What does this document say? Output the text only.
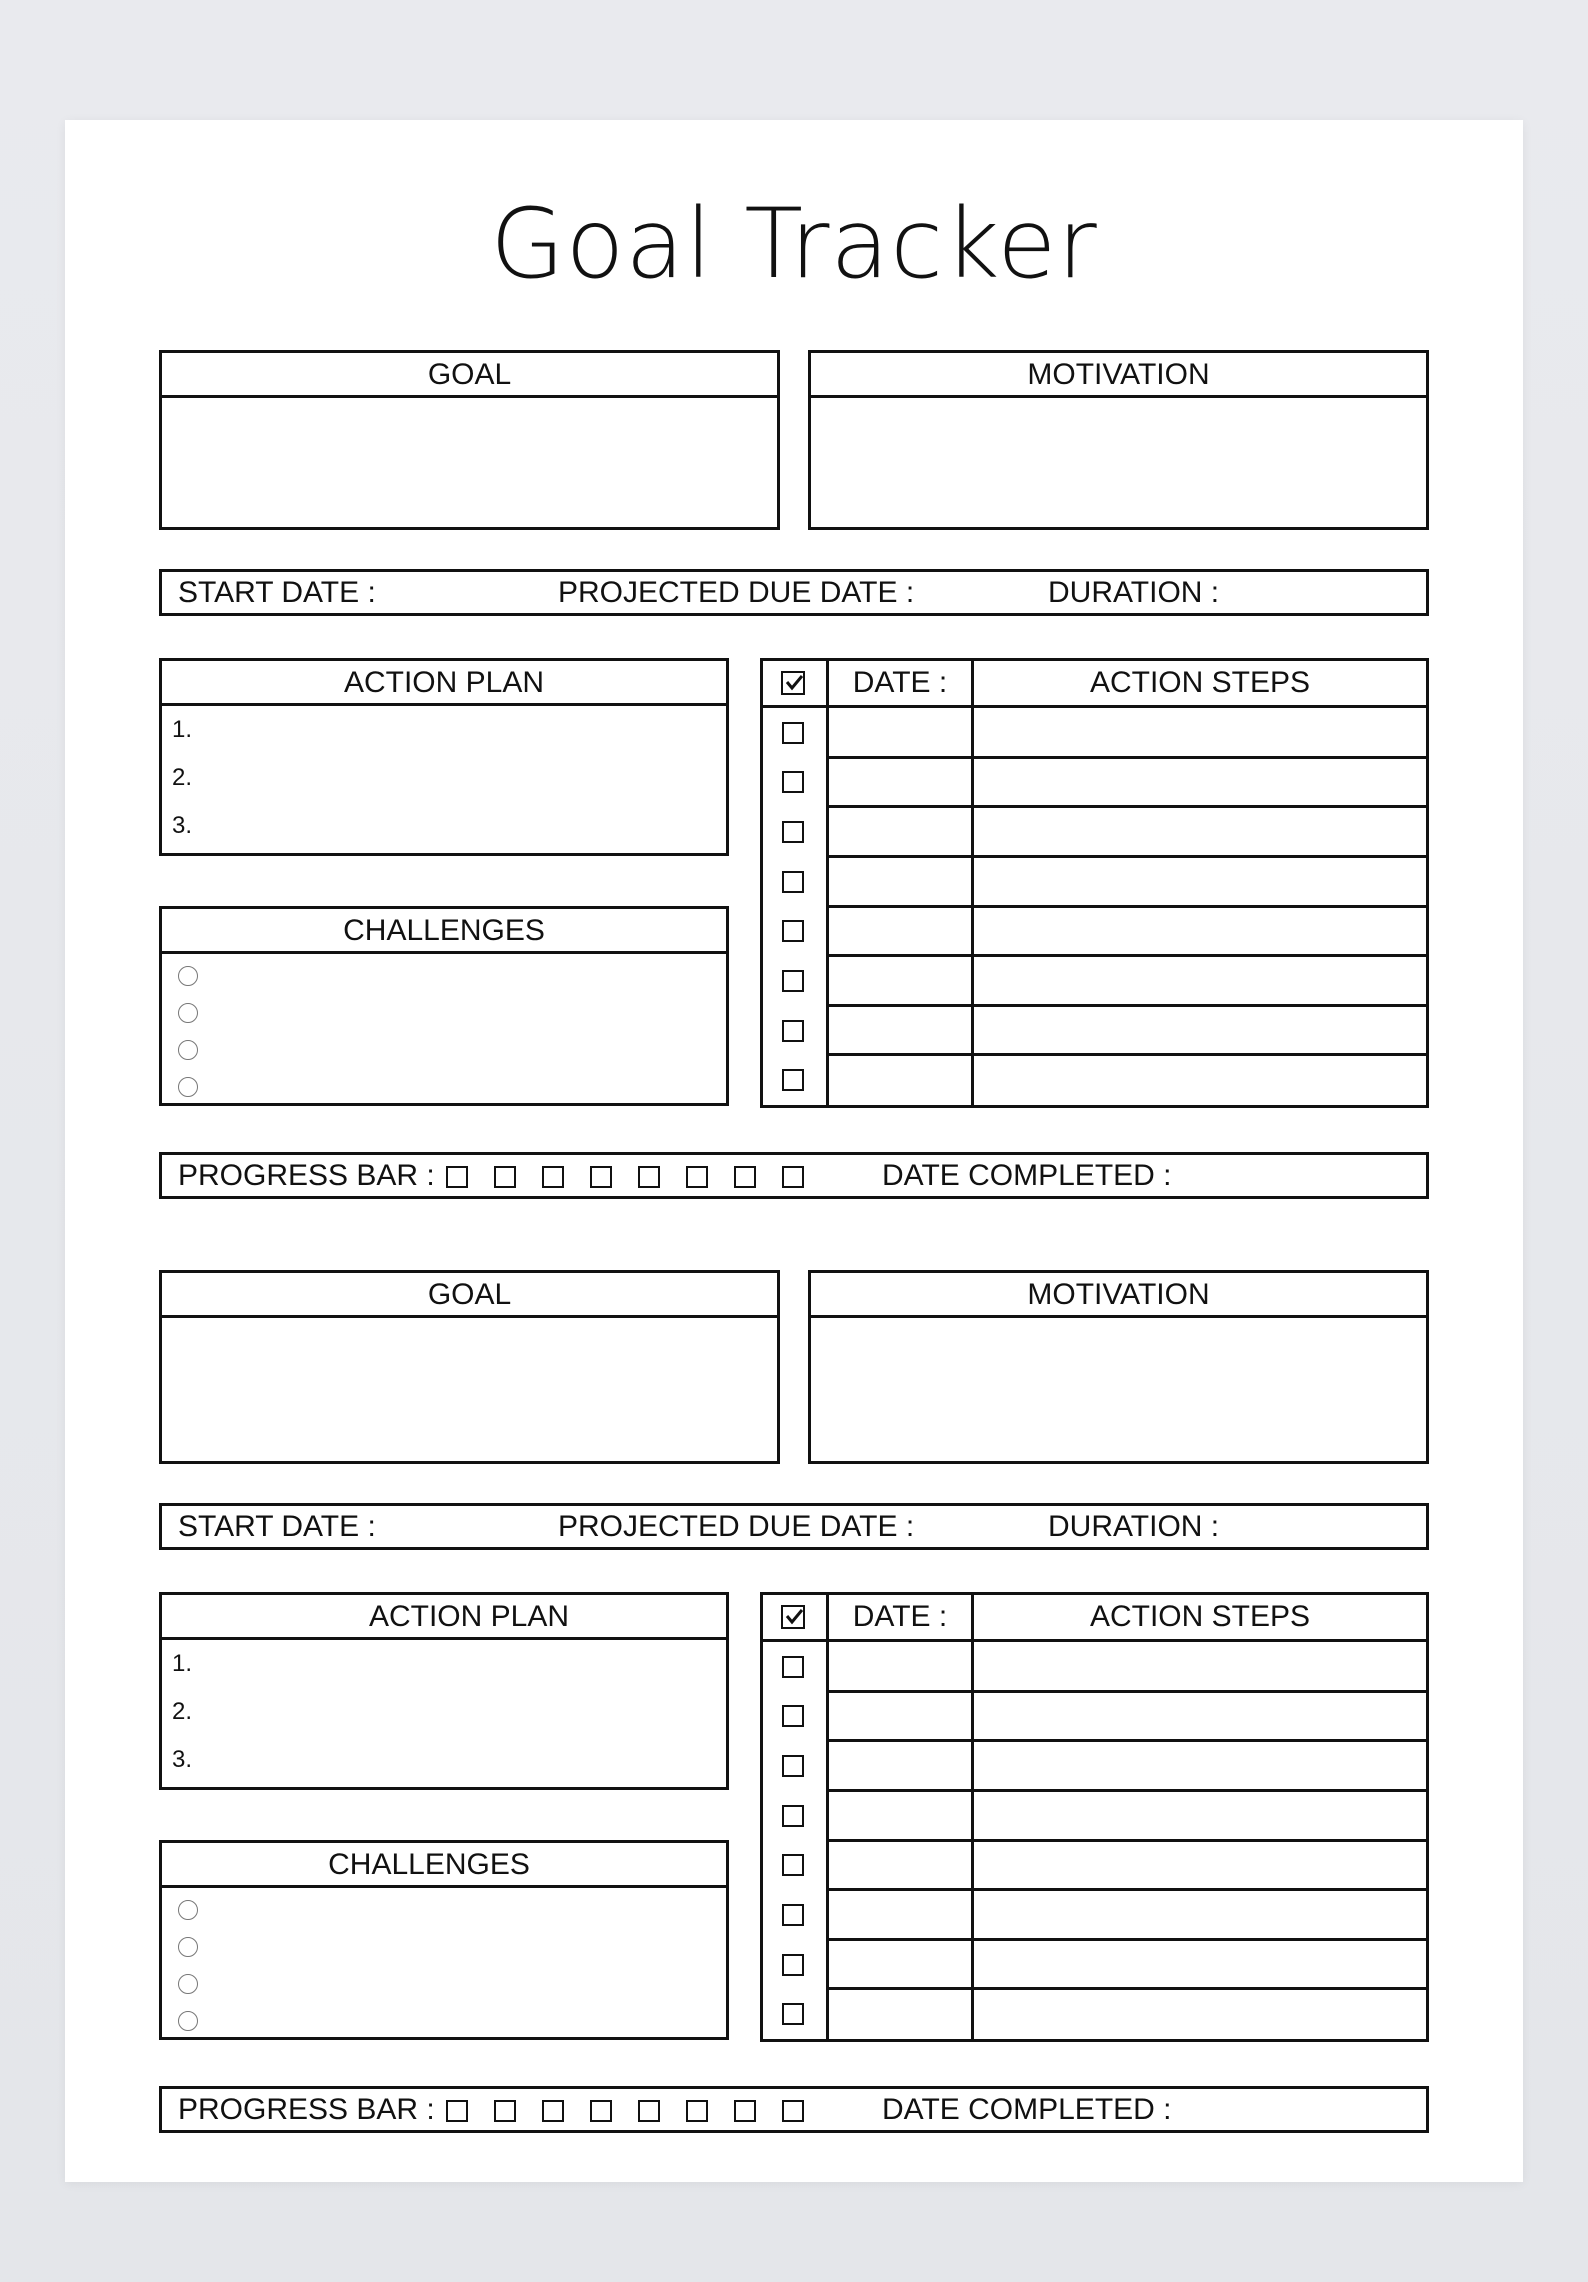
Goal Tracker
GOAL	MOTIVATION
START DATE :	PROJECTED DUE DATE :	DURATION :
ACTION PLAN
1.
2.
3.
CHALLENGES
DATE :	ACTION STEPS
PROGRESS BAR :	DATE COMPLETED :
GOAL	MOTIVATION
START DATE :	PROJECTED DUE DATE :	DURATION :
ACTION PLAN
1.
2.
3.
CHALLENGES
DATE :	ACTION STEPS
PROGRESS BAR :	DATE COMPLETED :
